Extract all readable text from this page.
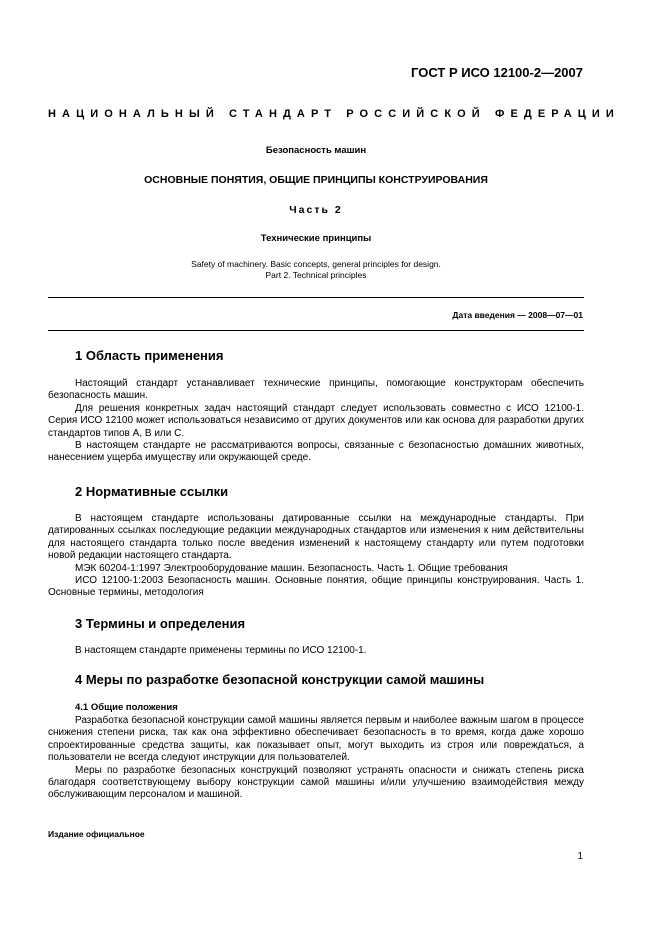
ГОСТ Р ИСО 12100-2—2007
НАЦИОНАЛЬНЫЙ СТАНДАРТ РОССИЙСКОЙ ФЕДЕРАЦИИ
Безопасность машин
ОСНОВНЫЕ ПОНЯТИЯ, ОБЩИЕ ПРИНЦИПЫ КОНСТРУИРОВАНИЯ
Часть 2
Технические принципы
Safety of machinery. Basic concepts, general principles for design.
Part 2. Technical principles
Дата введения — 2008—07—01
1 Область применения

Настоящий стандарт устанавливает технические принципы, помогающие конструкторам обеспечить безопасность машин.

Для решения конкретных задач настоящий стандарт следует использовать совместно с ИСО 12100-1. Серия ИСО 12100 может использоваться независимо от других документов или как основа для разработки других стандартов типов А, В или С.

В настоящем стандарте не рассматриваются вопросы, связанные с безопасностью домашних животных, нанесением ущерба имуществу или окружающей среде.

2 Нормативные ссылки

В настоящем стандарте использованы датированные ссылки на международные стандарты. При датированных ссылках последующие редакции международных стандартов или изменения к ним действительны для настоящего стандарта только после введения изменений к настоящему стандарту или путем подготовки новой редакции настоящего стандарта.

МЭК 60204-1:1997 Электрооборудование машин. Безопасность. Часть 1. Общие требования

ИСО 12100-1:2003 Безопасность машин. Основные понятия, общие принципы конструирования. Часть 1. Основные термины, методология

3 Термины и определения

В настоящем стандарте применены термины по ИСО 12100-1.

4 Меры по разработке безопасной конструкции самой машины
4.1 Общие положения

Разработка безопасной конструкции самой машины является первым и наиболее важным шагом в процессе снижения степени риска, так как она эффективно обеспечивает безопасность в то время, когда даже хорошо спроектированные средства защиты, как показывает опыт, могут выходить из строя или повреждаться, а пользователи не всегда следуют инструкции для пользователей.

Меры по разработке безопасных конструкций позволяют устранять опасности и снижать степень риска благодаря соответствующему выбору конструкции самой машины и/или улучшению взаимодействия между обслуживающим персоналом и машиной.

Издание официальное
1
